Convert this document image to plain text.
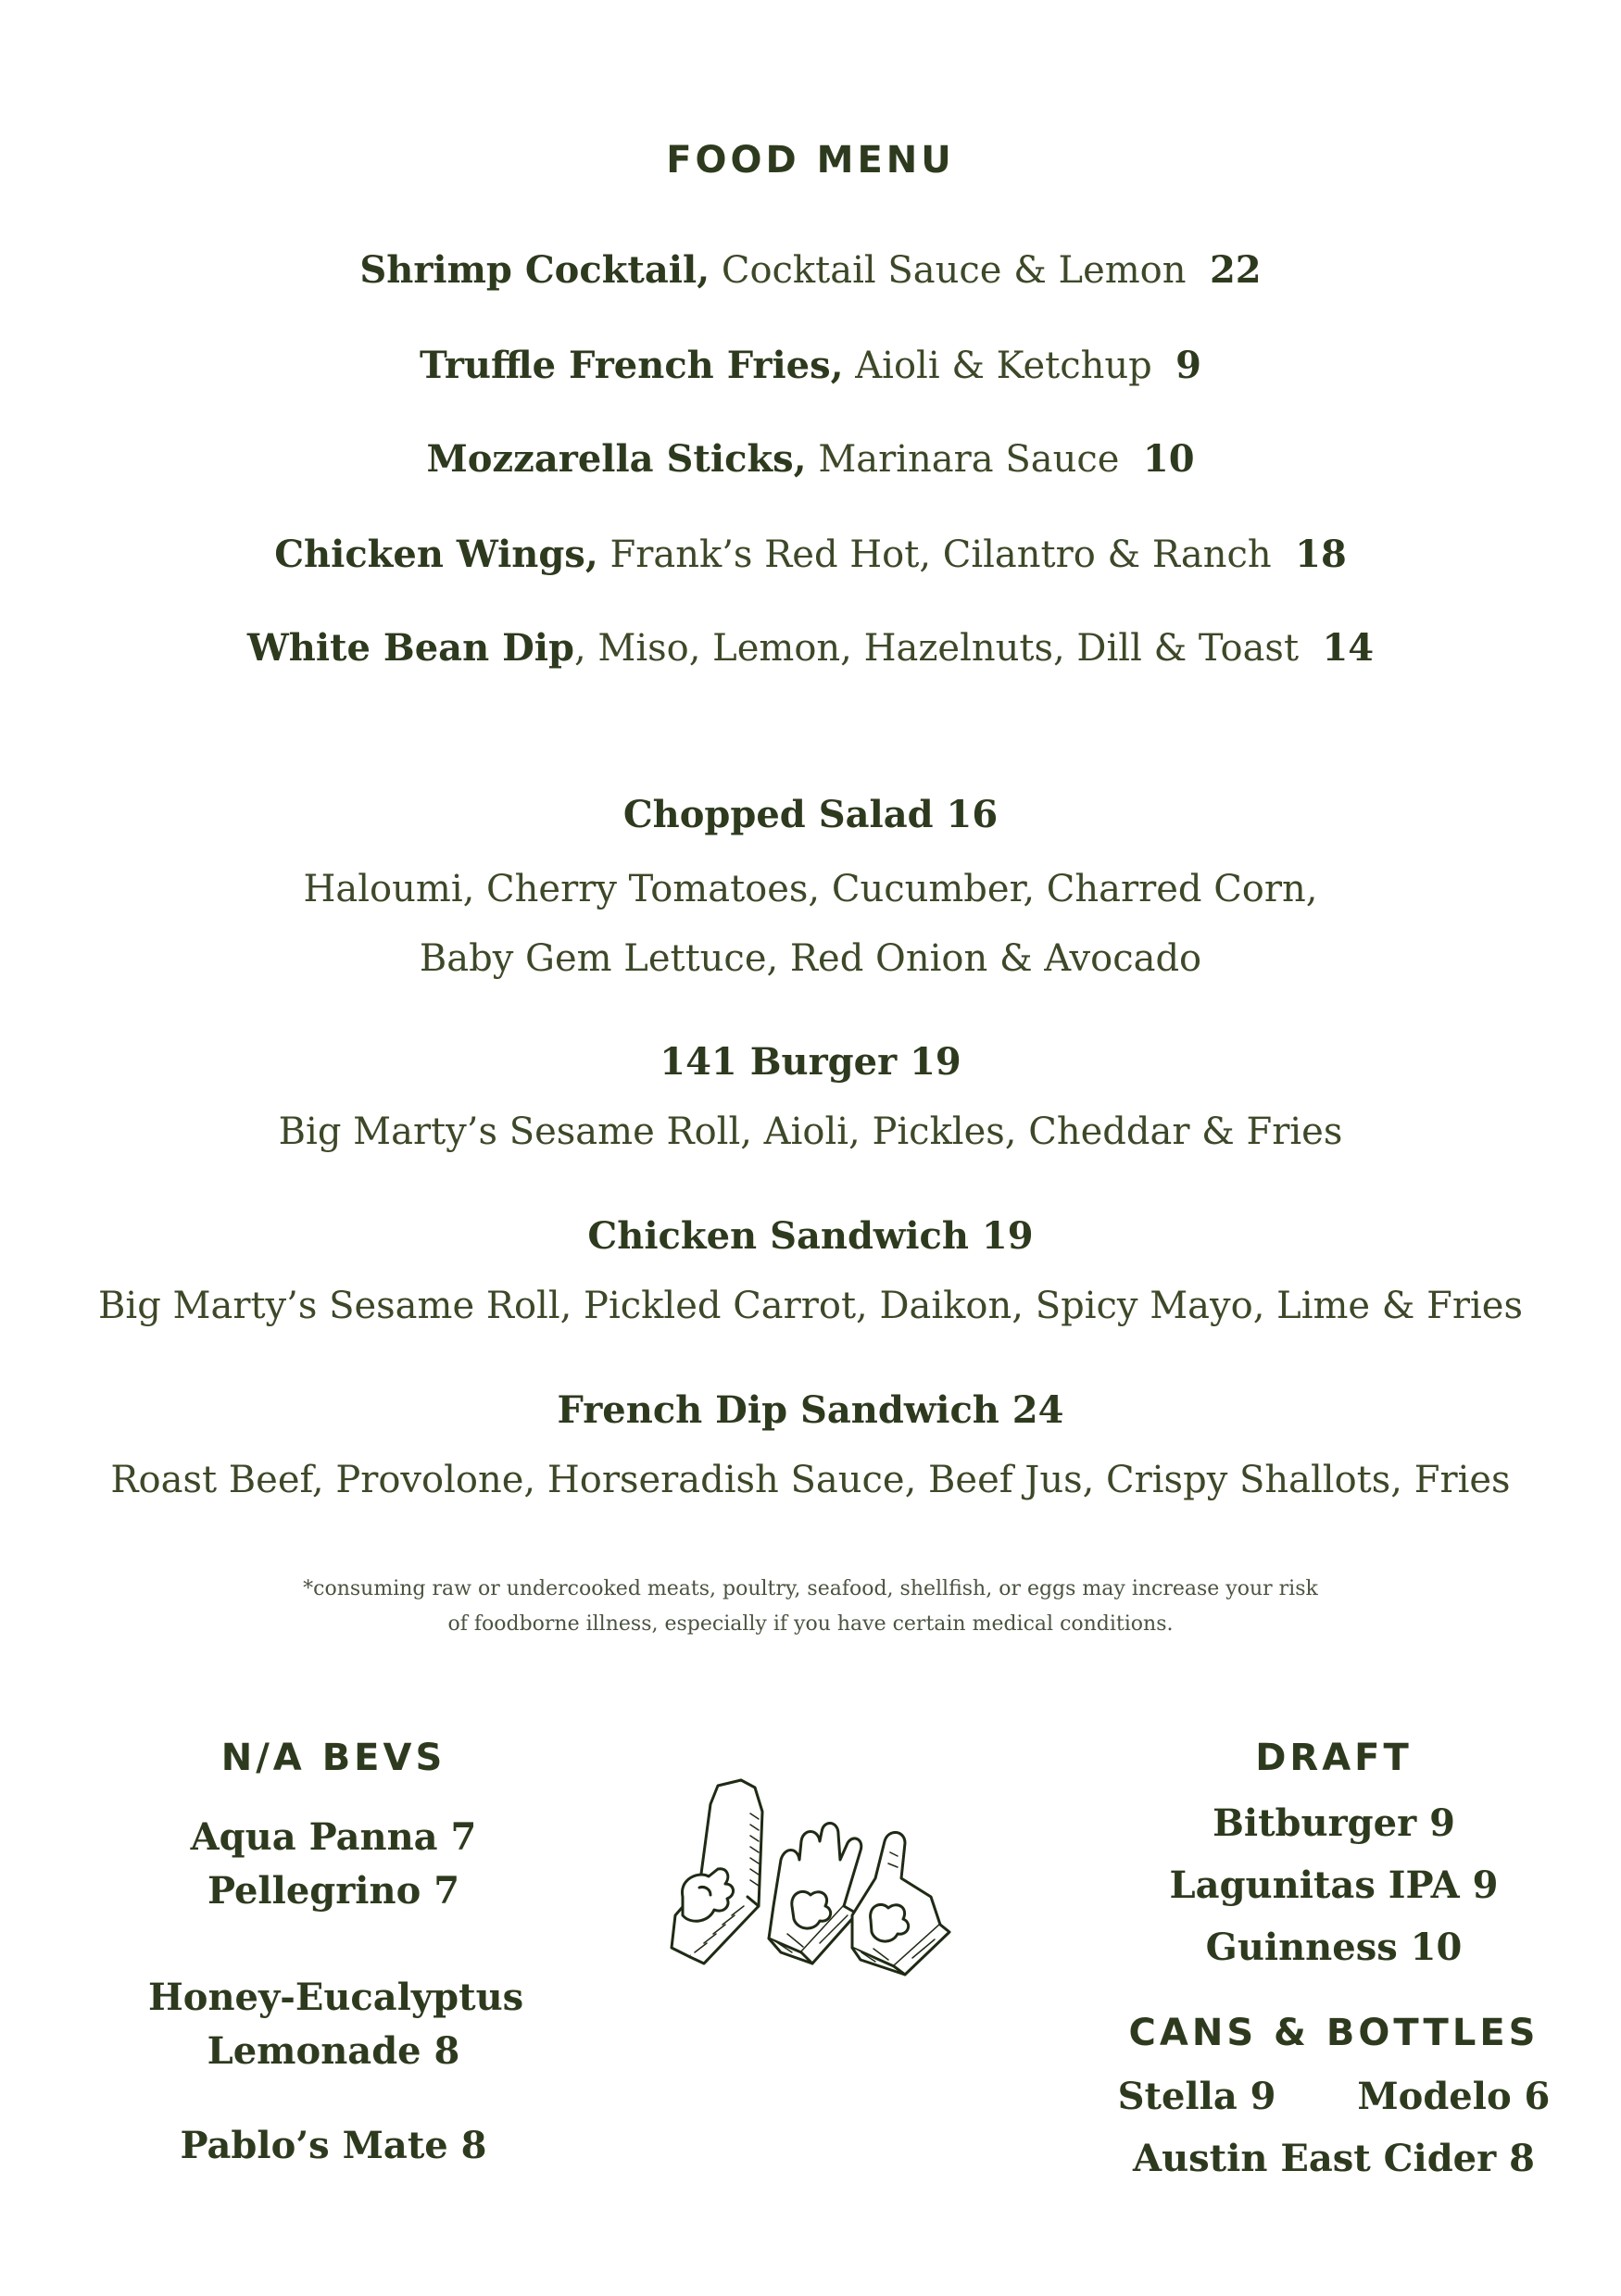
FOOD MENU
Shrimp Cocktail, Cocktail Sauce & Lemon 22
Truffle French Fries, Aioli & Ketchup 9
Mozzarella Sticks, Marinara Sauce 10
Chicken Wings, Frank’s Red Hot, Cilantro & Ranch 18
White Bean Dip, Miso, Lemon, Hazelnuts, Dill & Toast 14
Chopped Salad 16
Haloumi, Cherry Tomatoes, Cucumber, Charred Corn,
Baby Gem Lettuce, Red Onion & Avocado
141 Burger 19
Big Marty’s Sesame Roll, Aioli, Pickles, Cheddar & Fries
Chicken Sandwich 19
Big Marty’s Sesame Roll, Pickled Carrot, Daikon, Spicy Mayo, Lime & Fries
French Dip Sandwich 24
Roast Beef, Provolone, Horseradish Sauce, Beef Jus, Crispy Shallots, Fries
*consuming raw or undercooked meats, poultry, seafood, shellfish, or eggs may increase your risk
of foodborne illness, especially if you have certain medical conditions.
N/A BEVS
Aqua Panna 7
Pellegrino 7
Honey-Eucalyptus
Lemonade 8
Pablo’s Mate 8
DRAFT
Bitburger 9
Lagunitas IPA 9
Guinness 10
CANS & BOTTLES
Stella 9 Modelo 6
Austin East Cider 8
